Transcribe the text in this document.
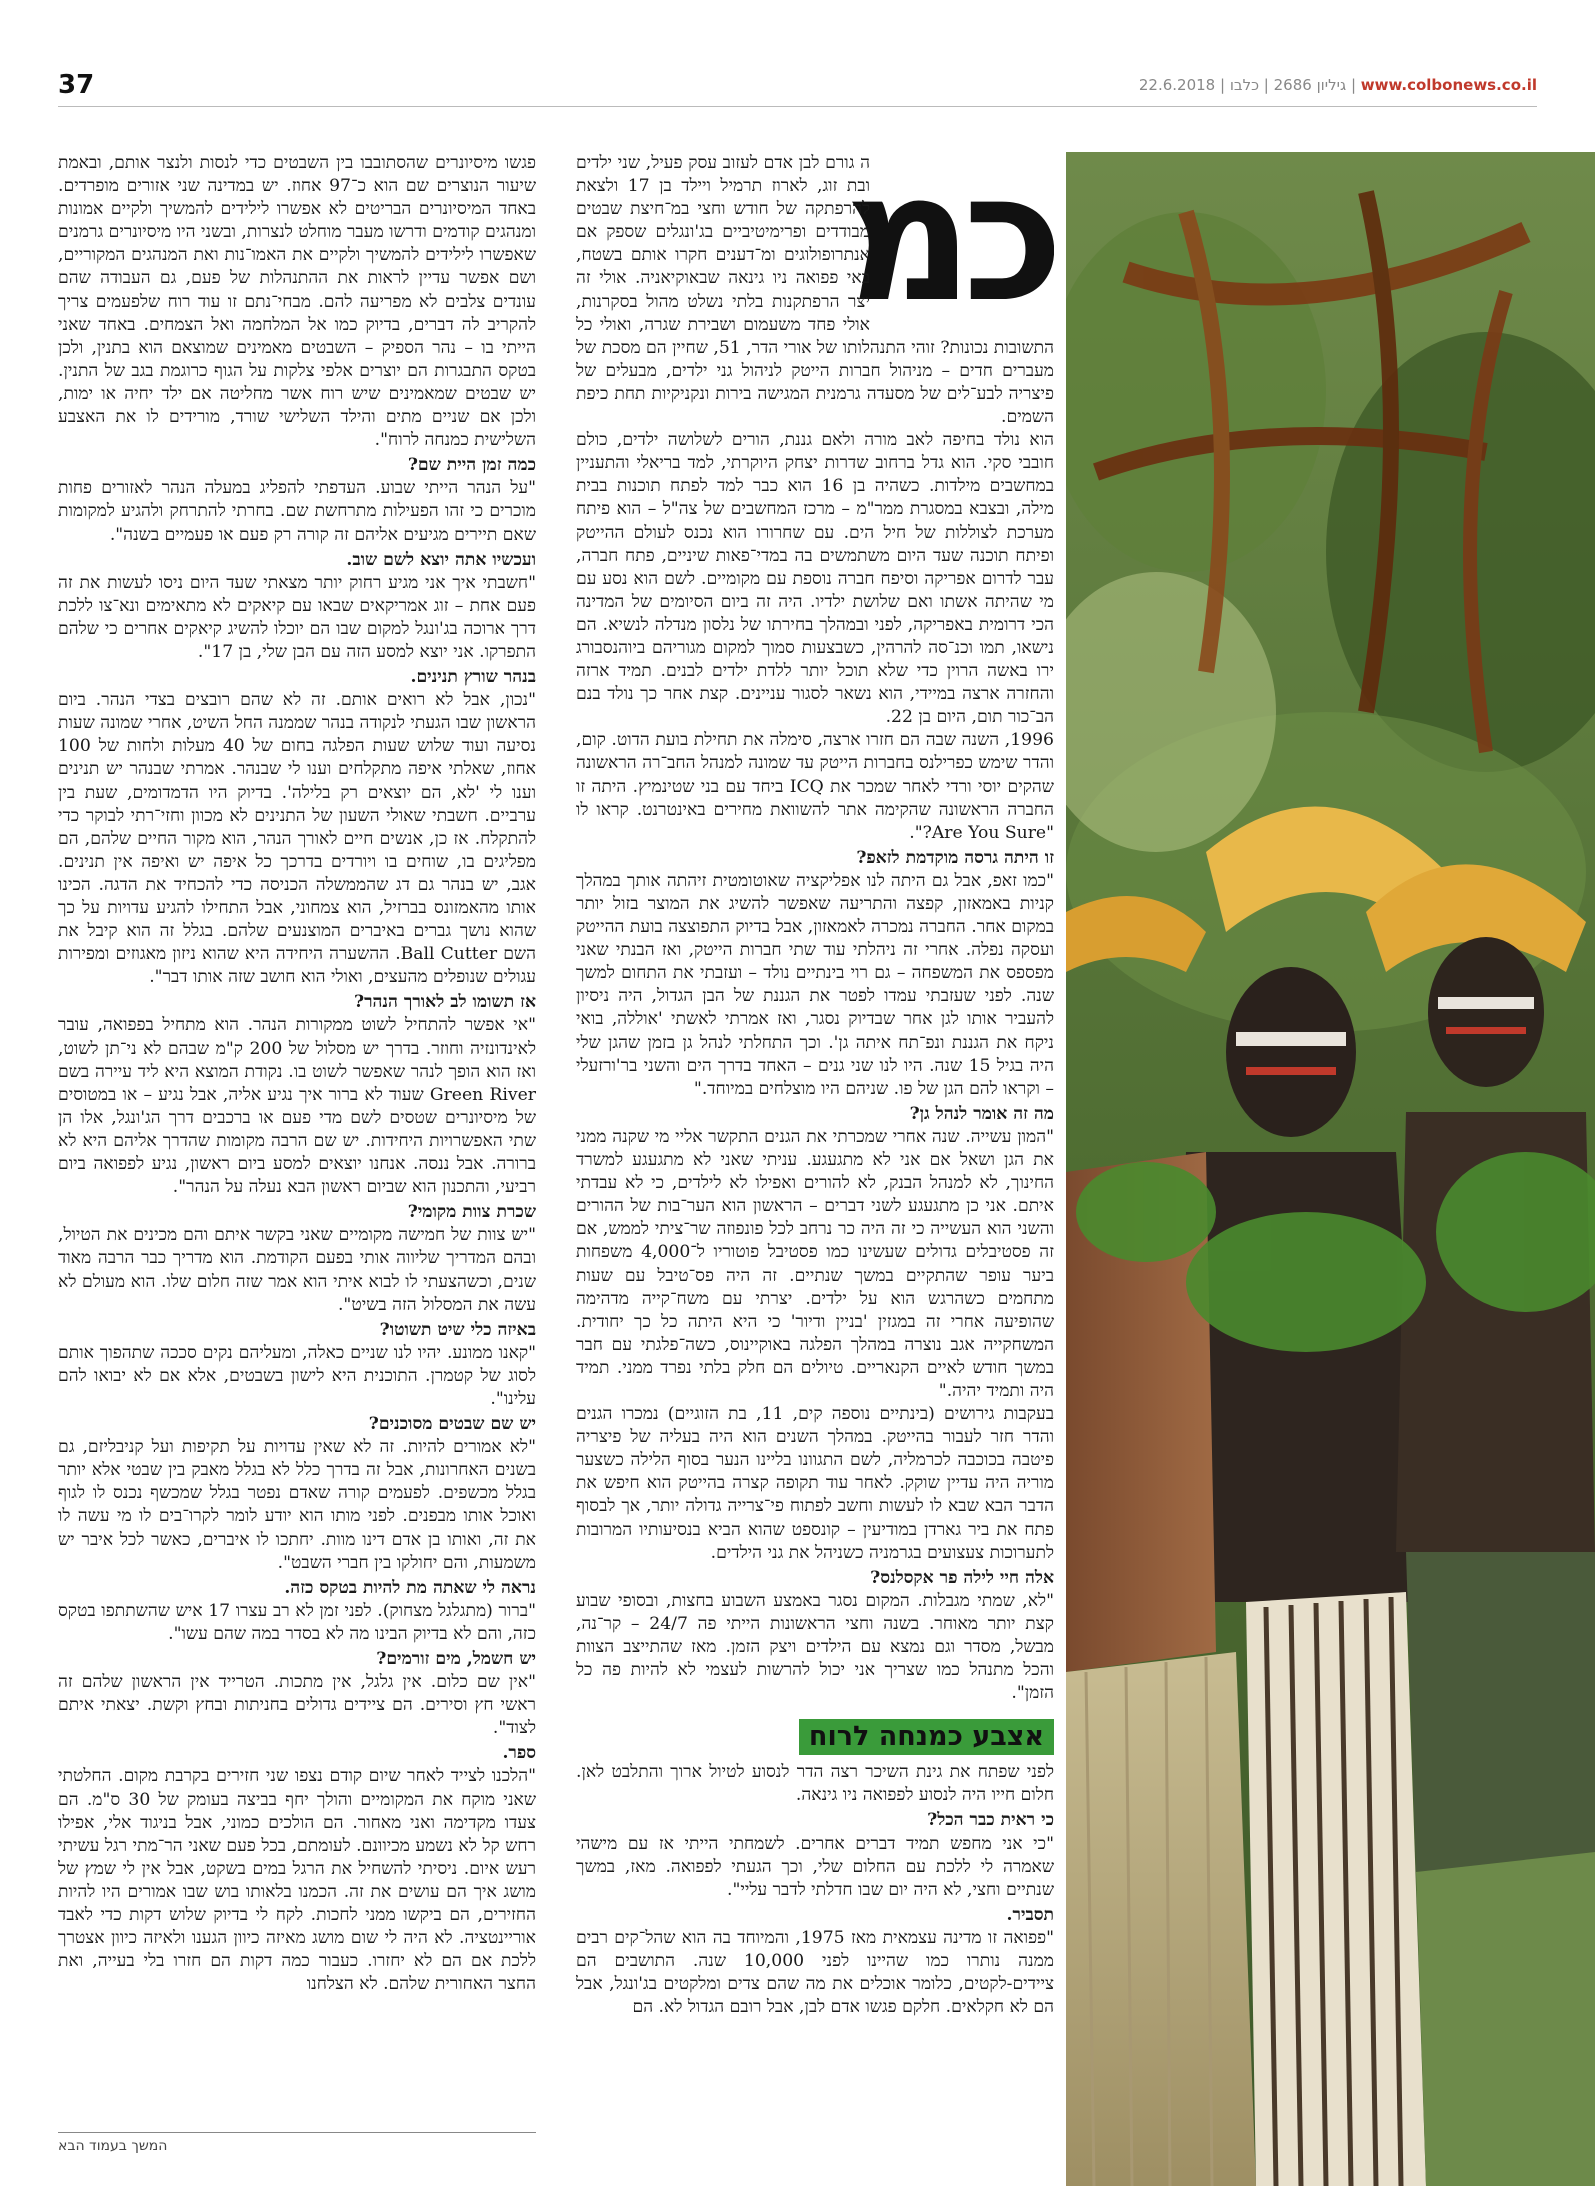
37	22.6.2018 | גיליון 2686 | כלבו | www.colbonews.co.il
כמ

ה גורם לבן אדם לעזוב עסק פעיל, שני ילדים ובת זוג, לארוז תרמיל ויילד בן 17 ולצאת להרפתקה של חודש וחצי במ־חיצת שבטים מבודדים ופרימיטיביים בג'ונגלים שספק אם אנתרופולוגים ומ־דענים חקרו אותם בשטח, באי פפואה ניו גינאה שבאוקיאניה. אולי זה יצר הרפתקנות בלתי נשלט מהול בסקרנות, אולי פחד משעמום ושבירת שגרה, ואולי כל התשובות נכונות? זוהי התנהלותו של אורי הדר, 51, שחיין הם מסכת של מעברים חדים – מניהול חברות הייטק לניהול גני ילדים, מבעלים של פיצריה לבע־לים של מסעדה גרמנית המגישה בירות ונקניקיות תחת כיפת השמים.

הוא נולד בחיפה לאב מורה ולאם גננת, הורים לשלושה ילדים, כולם חובבי סקי. הוא גדל ברחוב שדרות יצחק היוקרתי, למד בריאלי והתעניין במחשבים מילדות. כשהיה בן 16 הוא כבר למד לפתח תוכנות בבית מילה, ובצבא במסגרת ממר"מ – מרכז המחשבים של צה"ל – הוא פיתח מערכת לצוללות של חיל הים. עם שחרורו הוא נכנס לעולם ההייטק ופיתח תוכנה שעד היום משתמשים בה במדי־פאות שיניים, פתח חברה, עבר לדרום אפריקה וסיפח חברה נוספת עם מקומיים. לשם הוא נסע עם מי שהיתה אשתו ואם שלושת ילדיו. היה זה ביום הסיומים של המדינה הכי דרומית באפריקה, לפני ובמהלך בחירתו של נלסון מנדלה לנשיא. הם נישאו, תמו וכנ־סה להרהין, כשבצעות סמוך למקום מגוריהם ביוהנסבורג ירו באשה הרוין כדי שלא תוכל יותר ללדת ילדים לבנים. תמיד ארזה והחזרה ארצה במיידי, הוא נשאר לסגור עניינים. קצת אחר כך נולד בנם הב־כור תום, היום בן 22.

1996, השנה שבה הם חזרו ארצה, סימלה את תחילת בועת הדוט. קום, והדר שימש כפרילנס בחברות הייטק עד שמונה למנהל החב־רה הראשונה שהקים יוסי ורדי לאחר שמכר את ICQ ביחד עם בני שטינמיץ. היתה זו החברה הראשונה שהקימה אתר להשוואת מחירים באינטרנט. קראו לו "Are You Sure?".

זו היתה גרסה מוקדמת לזאפ?

"כמו זאפ, אבל גם היתה לנו אפליקציה שאוטומטית זיהתה אותך במהלך קניות באמאזון, קפצה והתריעה שאפשר להשיג את המוצר בזול יותר במקום אחר. החברה נמכרה לאמאזון, אבל בדיוק התפוצצה בועת ההייטק ועסקה נפלה. אחרי זה ניהלתי עוד שתי חברות הייטק, ואז הבנתי שאני מפספס את המשפחה – גם רוי בינתיים נולד – ועזבתי את התחום למשך שנה. לפני שעזבתי עמדו לפטר את הגננת של הבן הגדול, היה ניסיון להעביר אותו לגן אחר שבדיוק נסגר, ואז אמרתי לאשתי 'אוללה, בואי ניקח את הגננת ונפ־תח איתה גן'. וכך התחלתי לנהל גן בזמן שהגן שלי היה בגיל 15 שנה. היו לנו שני גנים – האחד בדרך הים והשני בר'ורזעלי – וקראו להם הגן של פו. שניהם היו מוצלחים במיוחד."

מה זה אומר לנהל גן?

"המון עשייה. שנה אחרי שמכרתי את הגנים התקשר אליי מי שקנה ממני את הגן ושאל אם אני לא מתגעגע. עניתי שאני לא מתגעגע למשרד החינוך, לא למנהל הבנק, לא להורים ואפילו לא לילדים, כי לא עבדתי איתם. אני כן מתגעגע לשני דברים – הראשון הוא הער־בות של ההורים והשני הוא העשייה כי זה היה כר נרחב לכל פונפוזה שר־ציתי לממש, אם זה פסטיבלים גדולים שעשינו כמו פסטיבל פוטוריו ל־4,000 משפחות ביער עופר שהתקיים במשך שנתיים. זה היה פס־טיבל עם שעות מתחמים כשהרגש הוא על ילדים. יצרתי עם משח־קייה מדהימה שהופיעה אחרי זה במגזין 'בניין ודיור' כי היא היתה כל כך יחודית. המשחקייה אגב נוצרה במהלך הפלגה באוקיינוס, כשה־פלגתי עם חבר במשך חודש לאיים הקנאריים. טיולים הם חלק בלתי נפרד ממני. תמיד היה ותמיד יהיה."

בעקבות גירושים (בינתיים נוספה קים, 11, בת הזוגיים) נמכרו הגנים והדר חזר לעבור בהייטק. במהלך השנים הוא היה בעליה של פיצריה פיטבה בכוכבה לכרמליה, לשם התגוונו בליינו הנער בסוף הלילה כשצער מוריה היה עדיין שוקק. לאחר עוד תקופה קצרה בהייטק הוא חיפש את הדבר הבא שבא לו לעשות וחשב לפתוח פי־צרייה גדולה יותר, אך לבסוף פתח את ביר גארדן במודיעין – קונספט שהוא הביא בנסיעותיו המרובות לתערוכות צעצועים בגרמניה כשניהל את גני הילדים.

אלה חיי לילה פר אקסלנס?

"לא, שמתי מגבלות. המקום נסגר באמצע השבוע בחצות, ובסופי שבוע קצת יותר מאוחר. בשנה וחצי הראשונות הייתי פה 24/7 – קר־נה, מבשל, מסדר וגם נמצא עם הילדים ויצק הזמן. מאז שהתייצב הצוות והכל מתנהל כמו שצריך אני יכול להרשות לעצמי לא להיות פה כל הזמן".

אצבע כמנחה לרוח

לפני שפתח את גינת השיכר רצה הדר לנסוע לטיול ארוך והתלבט לאן. חלום חייו היה לנסוע לפפואה ניו גינאה.

כי ראית כבר הכל?

"כי אני מחפש תמיד דברים אחרים. לשמחתי הייתי אז עם מישהי שאמרה לי ללכת עם החלום שלי, וכך הגעתי לפפואה. מאז, במשך שנתיים וחצי, לא היה יום שבו חדלתי לדבר עליי".

תסביר.

"פפואה זו מדינה עצמאית מאז 1975, והמיוחד בה הוא שהל־קים רבים ממנה נותרו כמו שהיינו לפני 10,000 שנה. התושבים הם ציידים-לקטים, כלומר אוכלים את מה שהם צדים ומלקטים בג'ונגל, אבל הם לא חקלאים. חלקם פגשו אדם לבן, אבל רובם הגדול לא. הם

פגשו מיסיונרים שהסתובבו בין השבטים כדי לנסות ולנצר אותם, ובאמת שיעור הנוצרים שם הוא כ־97 אחוז. יש במדינה שני אזורים מופרדים. באחד המיסיונרים הבריטים לא אפשרו לילידים להמשיך ולקיים אמונות ומנהגים קודמים ודרשו מעבר מוחלט לנצרות, ובשני היו מיסיונרים גרמנים שאפשרו לילידים להמשיך ולקיים את האמו־נות ואת המנהגים המקוריים, ושם אפשר עדיין לראות את ההתנהלות של פעם, גם העבודה שהם עונדים צלבים לא מפריעה להם. מבחי־נתם זו עוד רוח שלפעמים צריך להקריב לה דברים, בדיוק כמו אל המלחמה ואל הצמחים. באחד שאני הייתי בו – נהר הספיק – השבטים מאמינים שמוצאם הוא בתנין, ולכן בטקס התבגרות הם יוצרים אלפי צלקות על הגוף כרוגמת בגב של התנין. יש שבטים שמאמינים שיש רוח אשר מחליטה אם ילד יחיה או ימות, ולכן אם שניים מתים והילד השלישי שורד, מורידים לו את האצבע השלישית כמנחה לרוח".

כמה זמן היית שם?

"על הנהר הייתי שבוע. העדפתי להפליג במעלה הנהר לאזורים פחות מוכרים כי זהו הפעילות מתרחשת שם. בחרתי להתרחק ולהגיע למקומות שאם תיירים מגיעים אליהם זה קורה רק פעם או פעמיים בשנה".

ועכשיו אתה יוצא לשם שוב.

"חשבתי איך אני מגיע רחוק יותר מצאתי שעד היום ניסו לעשות את זה פעם אחת – זוג אמריקאים שבאו עם קיאקים לא מתאימים ונא־צו ללכת דרך ארוכה בג'ונגל למקום שבו הם יוכלו להשיג קיאקים אחרים כי שלהם התפרקו. אני יוצא למסע הזה עם הבן שלי, בן 17".

בנהר שורץ תנינים.

"נכון, אבל לא רואים אותם. זה לא שהם רובצים בצדי הנהר. ביום הראשון שבו הגעתי לנקודה בנהר שממנה החל השיט, אחרי שמונה שעות נסיעה ועוד שלוש שעות הפלגה בחום של 40 מעלות ולחות של 100 אחוז, שאלתי איפה מתקלחים וענו לי שבנהר. אמרתי שבנהר יש תנינים וענו לי 'לא, הם יוצאים רק בלילה'. בדיוק היו הדמדומים, שעת בין ערביים. חשבתי שאולי השעון של התנינים לא מכוון וחזי־רתי לבוקר כדי להתקלח. אז כן, אנשים חיים לאורך הנהר, הוא מקור החיים שלהם, הם מפליגים בו, שוחים בו ויורדים בדרכך כל איפה יש ואיפה אין תנינים. אגב, יש בנהר גם דג שהממשלה הכניסה כדי להכחיד את הדגה. הכינו אותו מהאמזונס בברזיל, הוא צמחוני, אבל התחילו להגיע עדויות על כך שהוא נושך גברים באיברים המוצנעים שלהם. בגלל זה הוא קיבל את השם Ball Cutter. ההשערה היחידה היא שהוא ניזון מאגוזים ומפירות עגולים שנופלים מהעצים, ואולי הוא חושב שזה אותו דבר".

אז תשומו לב לאורך הנהר?

"אי אפשר להתחיל לשוט ממקורות הנהר. הוא מתחיל בפפואה, עובר לאינדונזיה וחוזר. בדרך יש מסלול של 200 ק"מ שבהם לא ני־תן לשוט, ואז הוא הופך לנהר שאפשר לשוט בו. נקודת המוצא היא ליד עיירה בשם Green River שעוד לא ברור איך נגיע אליה, אבל נגיע – או במטוסים של מיסיונרים שטסים לשם מדי פעם או ברכבים דרך הג'ונגל, אלו הן שתי האפשרויות היחידות. יש שם הרבה מקומות שהדרך אליהם היא לא ברורה. אבל ננסה. אנחנו יוצאים למסע ביום ראשון, נגיע לפפואה ביום רביעי, והתכנון הוא שביום ראשון הבא נעלה על הנהר".

שכרת צוות מקומי?

"יש צוות של חמישה מקומיים שאני בקשר איתם והם מכינים את הטיול, ובהם המדריך שליווה אותי בפעם הקודמת. הוא מדריך כבר הרבה מאוד שנים, וכשהצעתי לו לבוא איתי הוא אמר שזה חלום שלו. הוא מעולם לא עשה את המסלול הזה בשיט".

באיזה כלי שיט תשוטו?

"קאנו ממונע. יהיו לנו שניים כאלה, ומעליהם נקים סככה שתהפוך אותם לסוג של קטמרן. התוכנית היא לישון בשבטים, אלא אם לא יבואו להם עלינו".

יש שם שבטים מסוכנים?

"לא אמורים להיות. זה לא שאין עדויות על תקיפות ועל קניבליזם, גם בשנים האחרונות, אבל זה בדרך כלל לא בגלל מאבק בין שבטי אלא יותר בגלל מכשפים. לפעמים קורה שאדם נפטר בגלל שמכשף נכנס לו לגוף ואוכל אותו מבפנים. לפני מותו הוא יודע לומר לקרו־בים לו מי עשה לו את זה, ואותו בן אדם דינו מוות. יחתכו לו איברים, כאשר לכל איבר יש משמעות, והם יחולקו בין חברי השבט".

נראה לי שאתה מת להיות בטקס כזה.

"ברור (מתגלגל מצחוק). לפני זמן לא רב עצרו 17 איש שהשתתפו בטקס כזה, והם לא בדיוק הבינו מה לא בסדר במה שהם עשו".

יש חשמל, מים זורמים?

"אין שם כלום. אין גלגל, אין מתכות. הטרייד אין הראשון שלהם זה ראשי חץ וסירים. הם ציידים גדולים בחניתות ובחץ וקשת. יצאתי איתם לצוד".

ספר.

"הלכנו לצייד לאחר שיום קודם נצפו שני חזירים בקרבת מקום. החלטתי שאני מוקח את המקומיים והולך יחף בביצה בעומק של 30 ס"מ. הם צעדו מקדימה ואני מאחור. הם הולכים כמוני, אבל בניגוד אלי, אפילו רחש קל לא נשמע מכיוונם. לעומתם, בכל פעם שאני הר־מתי רגל עשיתי רעש איום. ניסיתי להשחיל את הרגל במים בשקט, אבל אין לי שמץ של מושג איך הם עושים את זה. הכמנו בלאותו בוש שבו אמורים היו להיות החזירים, הם ביקשו ממני לחכות. לקח לי בדיוק שלוש דקות כדי לאבד אוריינטציה. לא היה לי שום מושג מאיזה כיוון הגענו ולאיזה כיוון אצטרך ללכת אם הם לא יחזרו. כעבור כמה דקות הם חזרו בלי בעייה, ואת החצר האחורית שלהם. לא הצלחנו

המשך בעמוד הבא
